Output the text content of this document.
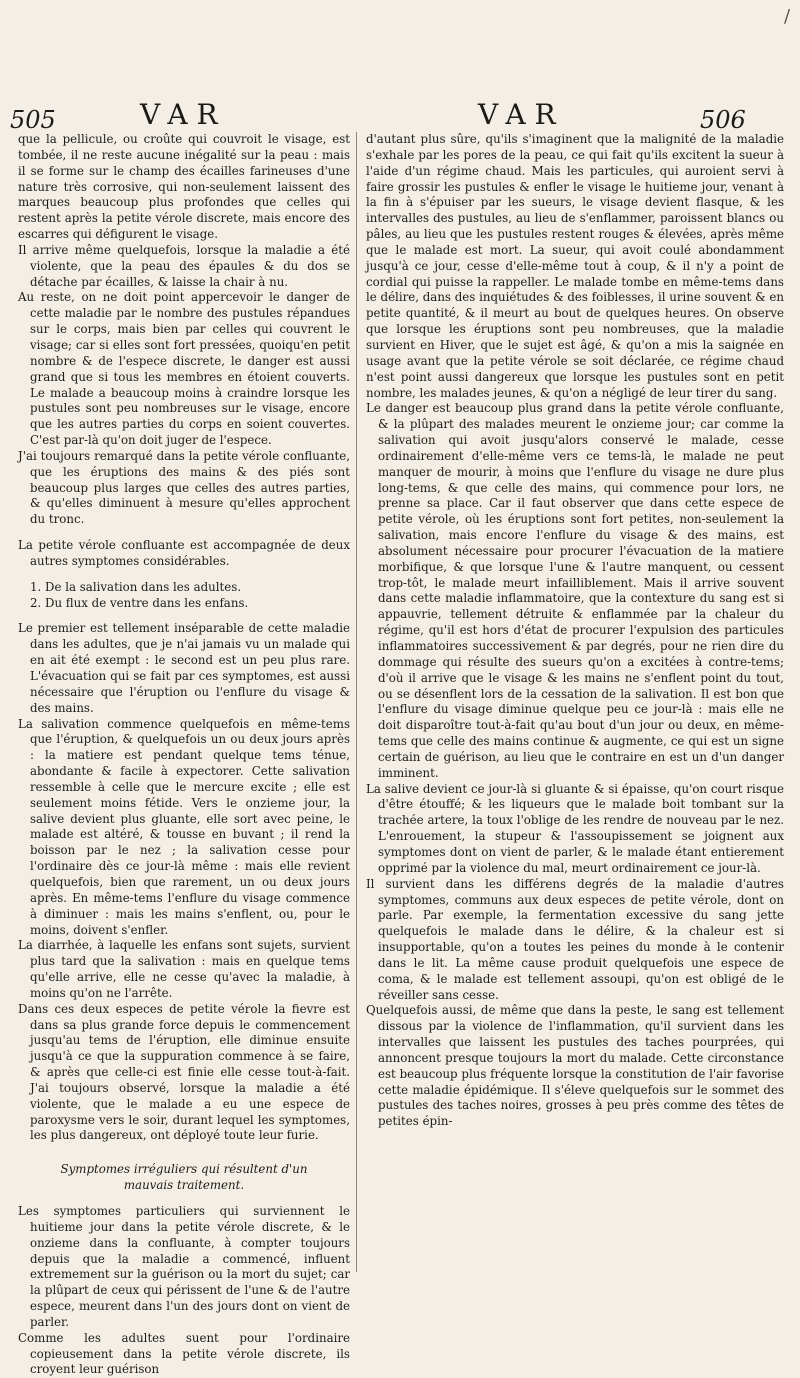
505	VAR	VAR	506
/

que la pellicule, ou croûte qui couvroit le visage, est tombée, il ne reste aucune inégalité sur la peau : mais il se forme sur le champ des écailles farineuses d'une nature très corrosive, qui non-seulement laissent des marques beaucoup plus profondes que celles qui restent après la petite vérole discrete, mais encore des escarres qui défigurent le visage.

Il arrive même quelquefois, lorsque la maladie a été violente, que la peau des épaules & du dos se détache par écailles, & laisse la chair à nu.

Au reste, on ne doit point appercevoir le danger de cette maladie par le nombre des pustules répandues sur le corps, mais bien par celles qui couvrent le visage; car si elles sont fort pressées, quoiqu'en petit nombre & de l'espece discrete, le danger est aussi grand que si tous les membres en étoient couverts. Le malade a beaucoup moins à craindre lorsque les pustules sont peu nombreuses sur le visage, encore que les autres parties du corps en soient couvertes. C'est par-là qu'on doit juger de l'espece.

J'ai toujours remarqué dans la petite vérole confluante, que les éruptions des mains & des piés sont beaucoup plus larges que celles des autres parties, & qu'elles diminuent à mesure qu'elles approchent du tronc.

La petite vérole confluante est accompagnée de deux autres symptomes considérables.

1. De la salivation dans les adultes.

2. Du flux de ventre dans les enfans.

Le premier est tellement inséparable de cette maladie dans les adultes, que je n'ai jamais vu un malade qui en ait été exempt : le second est un peu plus rare. L'évacuation qui se fait par ces symptomes, est aussi nécessaire que l'éruption ou l'enflure du visage & des mains.

La salivation commence quelquefois en même-tems que l'éruption, & quelquefois un ou deux jours après : la matiere est pendant quelque tems ténue, abondante & facile à expectorer. Cette salivation ressemble à celle que le mercure excite ; elle est seulement moins fétide. Vers le onzieme jour, la salive devient plus gluante, elle sort avec peine, le malade est altéré, & tousse en buvant ; il rend la boisson par le nez ; la salivation cesse pour l'ordinaire dès ce jour-là même : mais elle revient quelquefois, bien que rarement, un ou deux jours après. En même-tems l'enflure du visage commence à diminuer : mais les mains s'enflent, ou, pour le moins, doivent s'enfler.

La diarrhée, à laquelle les enfans sont sujets, survient plus tard que la salivation : mais en quelque tems qu'elle arrive, elle ne cesse qu'avec la maladie, à moins qu'on ne l'arrête.

Dans ces deux especes de petite vérole la fievre est dans sa plus grande force depuis le commencement jusqu'au tems de l'éruption, elle diminue ensuite jusqu'à ce que la suppuration commence à se faire, & après que celle-ci est finie elle cesse tout-à-fait. J'ai toujours observé, lorsque la maladie a été violente, que le malade a eu une espece de paroxysme vers le soir, durant lequel les symptomes, les plus dangereux, ont déployé toute leur furie.

Symptomes irréguliers qui résultent d'un mauvais traitement.

Les symptomes particuliers qui surviennent le huitieme jour dans la petite vérole discrete, & le onzieme dans la confluante, à compter toujours depuis que la maladie a commencé, influent extremement sur la guérison ou la mort du sujet; car la plûpart de ceux qui périssent de l'une & de l'autre espece, meurent dans l'un des jours dont on vient de parler.

Comme les adultes suent pour l'ordinaire copieusement dans la petite vérole discrete, ils croyent leur guérison

d'autant plus sûre, qu'ils s'imaginent que la malignité de la maladie s'exhale par les pores de la peau, ce qui fait qu'ils excitent la sueur à l'aide d'un régime chaud. Mais les particules, qui auroient servi à faire grossir les pustules & enfler le visage le huitieme jour, venant à la fin à s'épuiser par les sueurs, le visage devient flasque, & les intervalles des pustules, au lieu de s'enflammer, paroissent blancs ou pâles, au lieu que les pustules restent rouges & élevées, après même que le malade est mort. La sueur, qui avoit coulé abondamment jusqu'à ce jour, cesse d'elle-même tout à coup, & il n'y a point de cordial qui puisse la rappeller. Le malade tombe en même-tems dans le délire, dans des inquiétudes & des foiblesses, il urine souvent & en petite quantité, & il meurt au bout de quelques heures. On observe que lorsque les éruptions sont peu nombreuses, que la maladie survient en Hiver, que le sujet est âgé, & qu'on a mis la saignée en usage avant que la petite vérole se soit déclarée, ce régime chaud n'est point aussi dangereux que lorsque les pustules sont en petit nombre, les malades jeunes, & qu'on a négligé de leur tirer du sang.

Le danger est beaucoup plus grand dans la petite vérole confluante, & la plûpart des malades meurent le onzieme jour; car comme la salivation qui avoit jusqu'alors conservé le malade, cesse ordinairement d'elle-même vers ce tems-là, le malade ne peut manquer de mourir, à moins que l'enflure du visage ne dure plus long-tems, & que celle des mains, qui commence pour lors, ne prenne sa place. Car il faut observer que dans cette espece de petite vérole, où les éruptions sont fort petites, non-seulement la salivation, mais encore l'enflure du visage & des mains, est absolument nécessaire pour procurer l'évacuation de la matiere morbifique, & que lorsque l'une & l'autre manquent, ou cessent trop-tôt, le malade meurt infailliblement. Mais il arrive souvent dans cette maladie inflammatoire, que la contexture du sang est si appauvrie, tellement détruite & enflammée par la chaleur du régime, qu'il est hors d'état de procurer l'expulsion des particules inflammatoires successivement & par degrés, pour ne rien dire du dommage qui résulte des sueurs qu'on a excitées à contre-tems; d'où il arrive que le visage & les mains ne s'enflent point du tout, ou se désenflent lors de la cessation de la salivation. Il est bon que l'enflure du visage diminue quelque peu ce jour-là : mais elle ne doit disparoître tout-à-fait qu'au bout d'un jour ou deux, en même-tems que celle des mains continue & augmente, ce qui est un signe certain de guérison, au lieu que le contraire en est un d'un danger imminent.

La salive devient ce jour-là si gluante & si épaisse, qu'on court risque d'être étouffé; & les liqueurs que le malade boit tombant sur la trachée artere, la toux l'oblige de les rendre de nouveau par le nez. L'enrouement, la stupeur & l'assoupissement se joignent aux symptomes dont on vient de parler, & le malade étant entierement opprimé par la violence du mal, meurt ordinairement ce jour-là.

Il survient dans les différens degrés de la maladie d'autres symptomes, communs aux deux especes de petite vérole, dont on parle. Par exemple, la fermentation excessive du sang jette quelquefois le malade dans le délire, & la chaleur est si insupportable, qu'on a toutes les peines du monde à le contenir dans le lit. La même cause produit quelquefois une espece de coma, & le malade est tellement assoupi, qu'on est obligé de le réveiller sans cesse.

Quelquefois aussi, de même que dans la peste, le sang est tellement dissous par la violence de l'inflammation, qu'il survient dans les intervalles que laissent les pustules des taches pourprées, qui annoncent presque toujours la mort du malade. Cette circonstance est beaucoup plus fréquente lorsque la constitution de l'air favorise cette maladie épidémique. Il s'éleve quelquefois sur le sommet des pustules des taches noires, grosses à peu près comme des têtes de petites épin-
